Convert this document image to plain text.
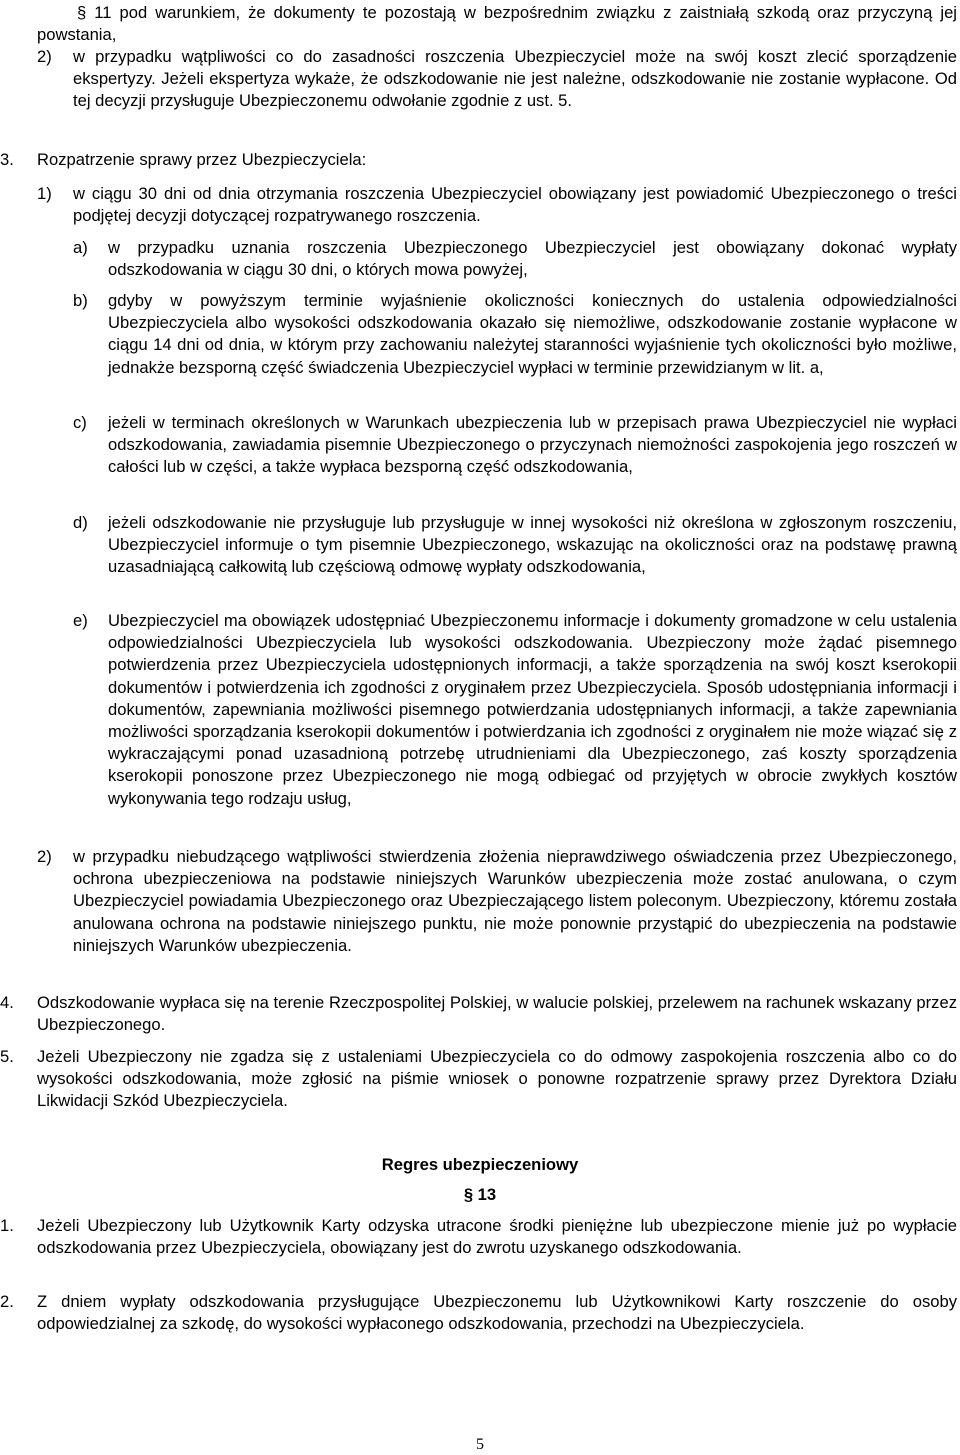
§ 11 pod warunkiem, że dokumenty te pozostają w bezpośrednim związku z zaistniałą szkodą oraz przyczyną jej powstania,

2) w przypadku wątpliwości co do zasadności roszczenia Ubezpieczyciel może na swój koszt zlecić sporządzenie ekspertyzy. Jeżeli ekspertyza wykaże, że odszkodowanie nie jest należne, odszkodowanie nie zostanie wypłacone. Od tej decyzji przysługuje Ubezpieczonemu odwołanie zgodnie z ust. 5.

3. Rozpatrzenie sprawy przez Ubezpieczyciela:

1) w ciągu 30 dni od dnia otrzymania roszczenia Ubezpieczyciel obowiązany jest powiadomić Ubezpieczonego o treści podjętej decyzji dotyczącej rozpatrywanego roszczenia.

a) w przypadku uznania roszczenia Ubezpieczonego Ubezpieczyciel jest obowiązany dokonać wypłaty odszkodowania w ciągu 30 dni, o których mowa powyżej,

b) gdyby w powyższym terminie wyjaśnienie okoliczności koniecznych do ustalenia odpowiedzialności Ubezpieczyciela albo wysokości odszkodowania okazało się niemożliwe, odszkodowanie zostanie wypłacone w ciągu 14 dni od dnia, w którym przy zachowaniu należytej staranności wyjaśnienie tych okoliczności było możliwe, jednakże bezsporną część świadczenia Ubezpieczyciel wypłaci w terminie przewidzianym w lit. a,

c) jeżeli w terminach określonych w Warunkach ubezpieczenia lub w przepisach prawa Ubezpieczyciel nie wypłaci odszkodowania, zawiadamia pisemnie Ubezpieczonego o przyczynach niemożności zaspokojenia jego roszczeń w całości lub w części, a także wypłaca bezsporną część odszkodowania,

d) jeżeli odszkodowanie nie przysługuje lub przysługuje w innej wysokości niż określona w zgłoszonym roszczeniu, Ubezpieczyciel informuje o tym pisemnie Ubezpieczonego, wskazując na okoliczności oraz na podstawę prawną uzasadniającą całkowitą lub częściową odmowę wypłaty odszkodowania,

e) Ubezpieczyciel ma obowiązek udostępniać Ubezpieczonemu informacje i dokumenty gromadzone w celu ustalenia odpowiedzialności Ubezpieczyciela lub wysokości odszkodowania. Ubezpieczony może żądać pisemnego potwierdzenia przez Ubezpieczyciela udostępnionych informacji, a także sporządzenia na swój koszt kserokopii dokumentów i potwierdzenia ich zgodności z oryginałem przez Ubezpieczyciela. Sposób udostępniania informacji i dokumentów, zapewniania możliwości pisemnego potwierdzania udostępnianych informacji, a także zapewniania możliwości sporządzania kserokopii dokumentów i potwierdzania ich zgodności z oryginałem nie może wiązać się z wykraczającymi ponad uzasadnioną potrzebę utrudnieniami dla Ubezpieczonego, zaś koszty sporządzenia kserokopii ponoszone przez Ubezpieczonego nie mogą odbiegać od przyjętych w obrocie zwykłych kosztów wykonywania tego rodzaju usług,

2) w przypadku niebudzącego wątpliwości stwierdzenia złożenia nieprawdziwego oświadczenia przez Ubezpieczonego, ochrona ubezpieczeniowa na podstawie niniejszych Warunków ubezpieczenia może zostać anulowana, o czym Ubezpieczyciel powiadamia Ubezpieczonego oraz Ubezpieczającego listem poleconym. Ubezpieczony, któremu została anulowana ochrona na podstawie niniejszego punktu, nie może ponownie przystąpić do ubezpieczenia na podstawie niniejszych Warunków ubezpieczenia.

4. Odszkodowanie wypłaca się na terenie Rzeczpospolitej Polskiej, w walucie polskiej, przelewem na rachunek wskazany przez Ubezpieczonego.

5. Jeżeli Ubezpieczony nie zgadza się z ustaleniami Ubezpieczyciela co do odmowy zaspokojenia roszczenia albo co do wysokości odszkodowania, może zgłosić na piśmie wniosek o ponowne rozpatrzenie sprawy przez Dyrektora Działu Likwidacji Szkód Ubezpieczyciela.

Regres ubezpieczeniowy

§ 13

1. Jeżeli Ubezpieczony lub Użytkownik Karty odzyska utracone środki pieniężne lub ubezpieczone mienie już po wypłacie odszkodowania przez Ubezpieczyciela, obowiązany jest do zwrotu uzyskanego odszkodowania.

2. Z dniem wypłaty odszkodowania przysługujące Ubezpieczonemu lub Użytkownikowi Karty roszczenie do osoby odpowiedzialnej za szkodę, do wysokości wypłaconego odszkodowania, przechodzi na Ubezpieczyciela.

5
